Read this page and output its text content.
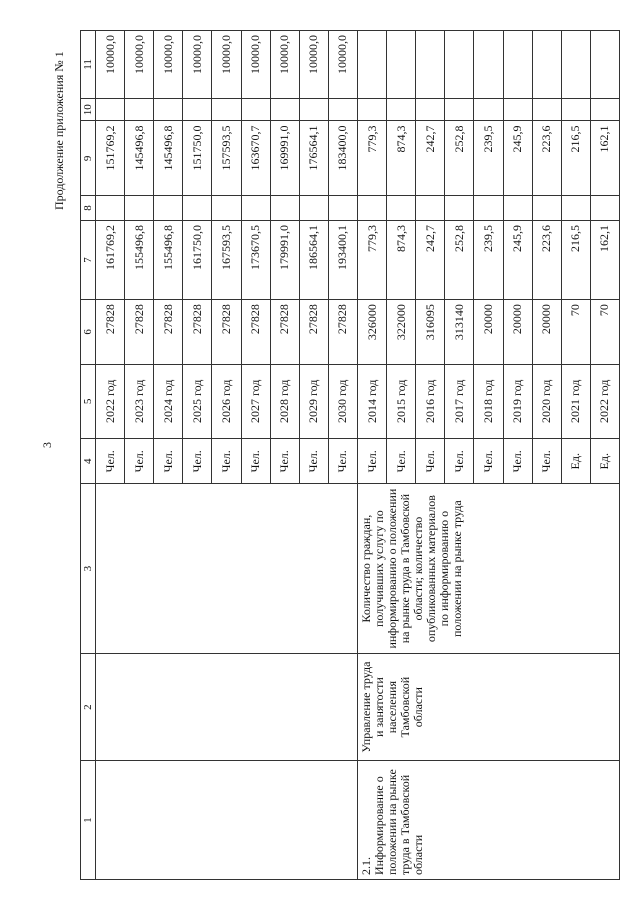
3
Продолжение приложения № 1
1	2	3	4	5	6	7	8	9	10	11
			Чел.	2022 год	27828	161769,2		151769,2		10000,0
			Чел.	2023 год	27828	155496,8		145496,8		10000,0
			Чел.	2024 год	27828	155496,8		145496,8		10000,0
			Чел.	2025 год	27828	161750,0		151750,0		10000,0
			Чел.	2026 год	27828	167593,5		157593,5		10000,0
			Чел.	2027 год	27828	173670,5		163670,7		10000,0
			Чел.	2028 год	27828	179991,0		169991,0		10000,0
			Чел.	2029 год	27828	186564,1		176564,1		10000,0
			Чел.	2030 год	27828	193400,1		183400,0		10000,0
2.1. Информирование о положении на рынке труда в Тамбовской области	Управление труда и занятости населения Тамбовской области	Количество граждан, получивших услугу по информированию о положении на рынке труда в Тамбовской области; количество опубликованных материалов по информированию о положении на рынке труда	Чел.	2014 год	326000	779,3		779,3		
			Чел.	2015 год	322000	874,3		874,3		
			Чел.	2016 год	316095	242,7		242,7		
			Чел.	2017 год	313140	252,8		252,8		
			Чел.	2018 год	20000	239,5		239,5		
			Чел.	2019 год	20000	245,9		245,9		
			Чел.	2020 год	20000	223,6		223,6		
			Ед.	2021 год	70	216,5		216,5		
			Ед.	2022 год	70	162,1		162,1		
